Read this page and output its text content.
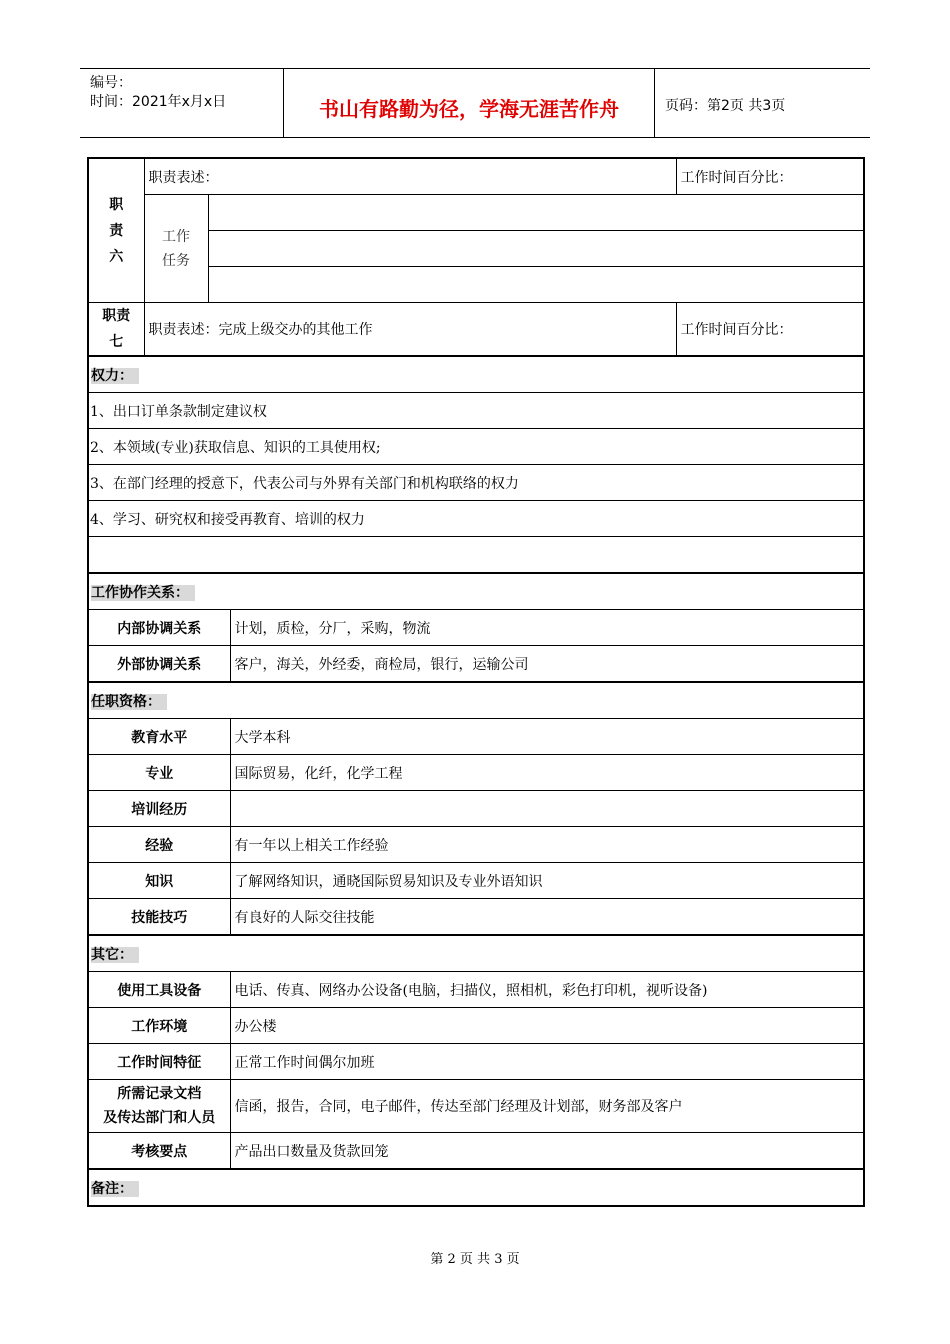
编号：
时间：2021年x月x日	书山有路勤为径，学海无涯苦作舟	页码：第2页 共3页
职
责
六	职责表述：			工作时间百分比：
	工作
任务			

职责
七	职责表述：完成上级交办的其他工作			工作时间百分比：
权力：				
1、出口订单条款制定建议权				
2、本领域(专业)获取信息、知识的工具使用权;				
3、在部门经理的授意下，代表公司与外界有关部门和机构联络的权力				
4、学习、研究权和接受再教育、培训的权力				

工作协作关系：				
内部协调关系			计划，质检，分厂，采购，物流	
外部协调关系			客户，海关，外经委，商检局，银行，运输公司	
任职资格：				
教育水平			大学本科	
专业			国际贸易，化纤，化学工程	
培训经历				
经验			有一年以上相关工作经验	
知识			了解网络知识，通晓国际贸易知识及专业外语知识	
技能技巧			有良好的人际交往技能	
其它：				
使用工具设备			电话、传真、网络办公设备(电脑，扫描仪，照相机，彩色打印机，视听设备)	
工作环境			办公楼	
工作时间特征			正常工作时间偶尔加班	
所需记录文档
及传达部门和人员			信函，报告，合同，电子邮件，传达至部门经理及计划部，财务部及客户	
考核要点			产品出口数量及货款回笼	
备注：				
第 2 页 共 3 页
